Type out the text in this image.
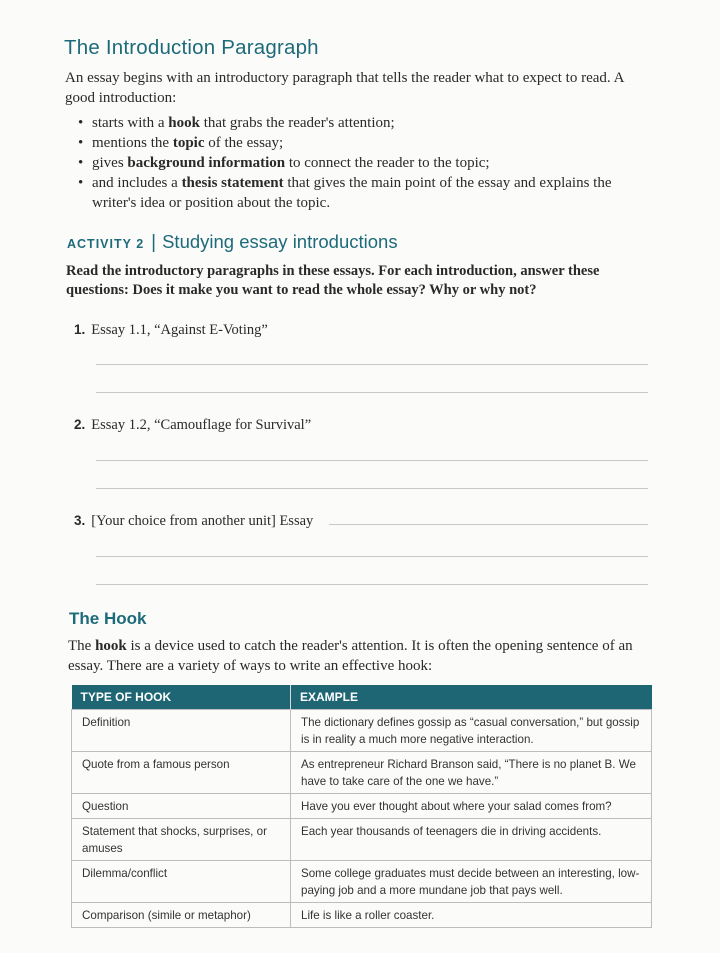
The Introduction Paragraph
An essay begins with an introductory paragraph that tells the reader what to expect to read. A good introduction:
• starts with a hook that grabs the reader's attention;
• mentions the topic of the essay;
• gives background information to connect the reader to the topic;
• and includes a thesis statement that gives the main point of the essay and explains the writer's idea or position about the topic.
ACTIVITY 2 | Studying essay introductions
Read the introductory paragraphs in these essays. For each introduction, answer these questions: Does it make you want to read the whole essay? Why or why not?
1. Essay 1.1, “Against E-Voting”
2. Essay 1.2, “Camouflage for Survival”
3. [Your choice from another unit] Essay
The Hook
The hook is a device used to catch the reader's attention. It is often the opening sentence of an essay. There are a variety of ways to write an effective hook:
TYPE OF HOOK	EXAMPLE
Definition	The dictionary defines gossip as “casual conversation,” but gossip is in reality a much more negative interaction.
Quote from a famous person	As entrepreneur Richard Branson said, “There is no planet B. We have to take care of the one we have.”
Question	Have you ever thought about where your salad comes from?
Statement that shocks, surprises, or amuses	Each year thousands of teenagers die in driving accidents.
Dilemma/conflict	Some college graduates must decide between an interesting, low-paying job and a more mundane job that pays well.
Comparison (simile or metaphor)	Life is like a roller coaster.
